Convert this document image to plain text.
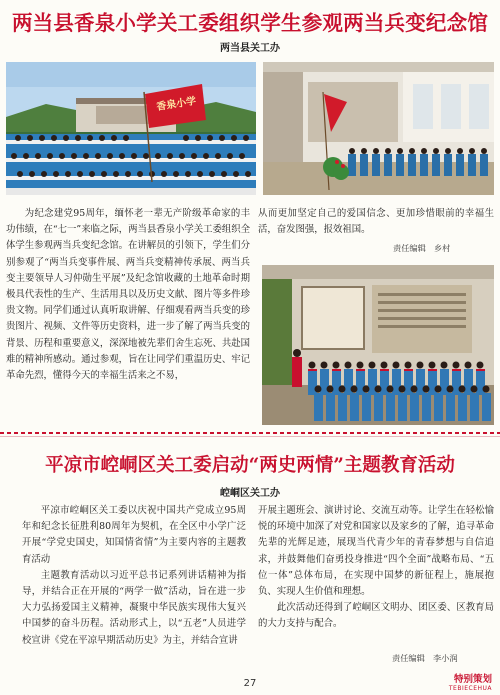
两当县香泉小学关工委组织学生参观两当兵变纪念馆
两当县关工办
香泉小学

为纪念建党95周年，缅怀老一辈无产阶级革命家的丰功伟绩，在“七一”来临之际，两当县香泉小学关工委组织全体学生参观两当兵变纪念馆。在讲解员的引领下，学生们分别参观了“两当兵变事件展、两当兵变精神传承展、两当兵变主要领导人习仲勋生平展”及纪念馆收藏的土地革命时期极具代表性的生产、生活用具以及历史文献、图片等多件珍贵文物。同学们通过认真听取讲解、仔细观看两当兵变的珍贵图片、视频、文件等历史资料，进一步了解了两当兵变的背景、历程和重要意义，深深地被先辈们舍生忘死、共赴国难的精神所感动。通过参观，旨在让同学们重温历史、牢记革命先烈，懂得今天的幸福生活来之不易，

从而更加坚定自己的爱国信念、更加珍惜眼前的幸福生活，奋发图强，报效祖国。

责任编辑　乡村
平凉市崆峒区关工委启动“两史两情”主题教育活动
崆峒区关工办

平凉市崆峒区关工委以庆祝中国共产党成立95周年和纪念长征胜利80周年为契机，在全区中小学广泛开展“学党史国史，知国情省情”为主要内容的主题教育活动

主题教育活动以习近平总书记系列讲话精神为指导，并结合正在开展的“两学一做”活动，旨在进一步大力弘扬爱国主义精神，凝聚中华民族实现伟大复兴中国梦的奋斗历程。活动形式上，以“五老”人员进学校宣讲《党在平凉早期活动历史》为主，并结合宣讲

开展主题班会、演讲讨论、交流互动等。让学生在轻松愉悦的环境中加深了对党和国家以及家乡的了解，追寻革命先辈的光辉足迹，展现当代青少年的青春梦想与自信追求，并鼓舞他们奋勇投身推进“四个全面”战略布局、“五位一体”总体布局，在实现中国梦的新征程上，施展抱负、实现人生价值和理想。

此次活动还得到了崆峒区文明办、团区委、区教育局的大力支持与配合。

责任编辑　李小润
27	特别策划
TEBIECEHUA
